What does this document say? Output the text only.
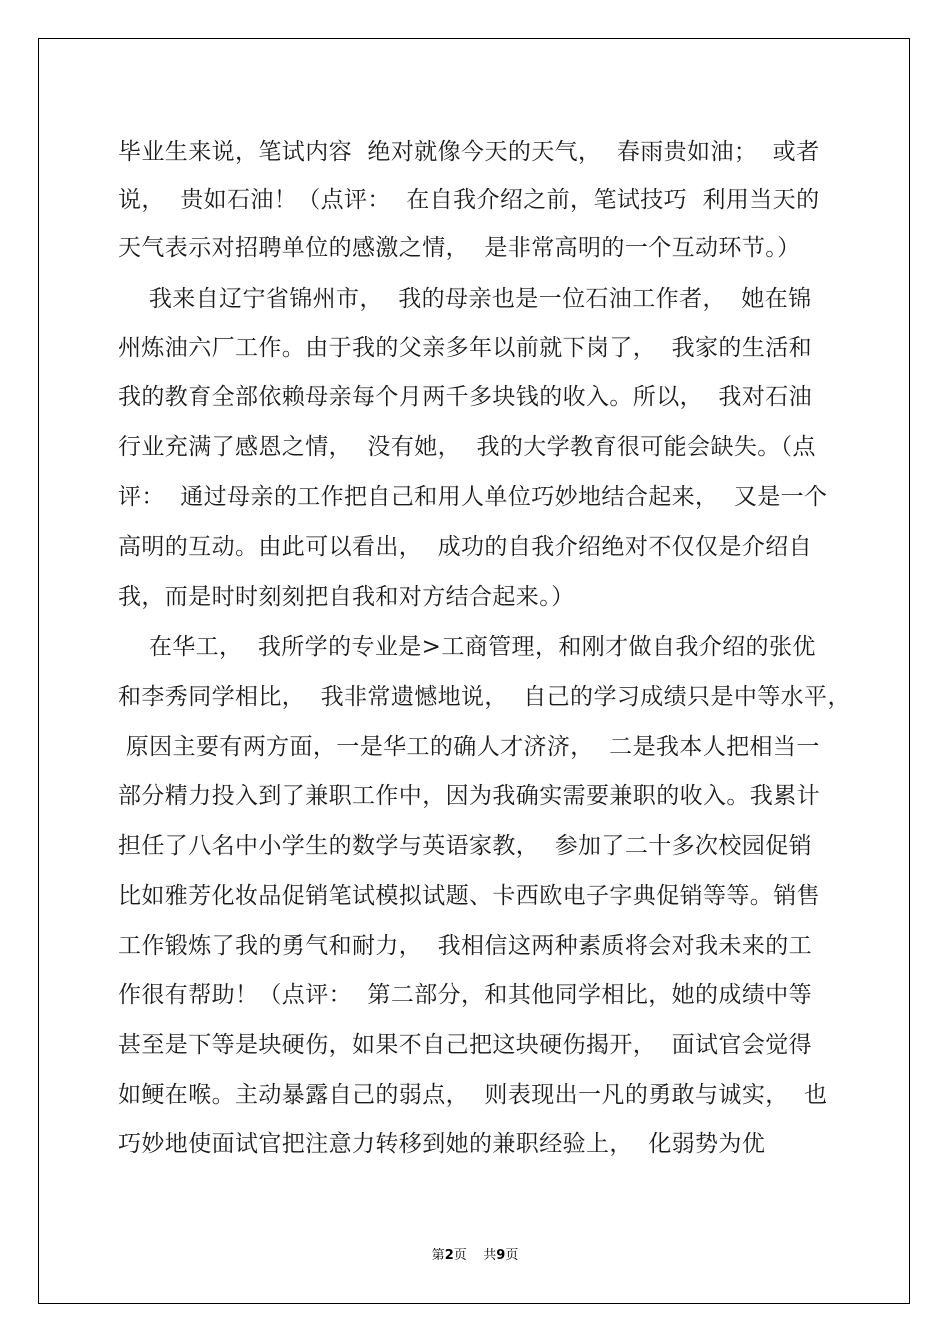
毕业生来说，笔试内容  绝对就像今天的天气，  春雨贵如油；  或者
说，  贵如石油！（点评：  在自我介绍之前，笔试技巧  利用当天的
天气表示对招聘单位的感激之情，  是非常高明的一个互动环节。）
我来自辽宁省锦州市，  我的母亲也是一位石油工作者，  她在锦
州炼油六厂工作。由于我的父亲多年以前就下岗了，  我家的生活和
我的教育全部依赖母亲每个月两千多块钱的收入。所以，  我对石油
行业充满了感恩之情，  没有她，  我的大学教育很可能会缺失。（点
评：  通过母亲的工作把自己和用人单位巧妙地结合起来，  又是一个
高明的互动。由此可以看出，  成功的自我介绍绝对不仅仅是介绍自
我，而是时时刻刻把自我和对方结合起来。）
在华工，  我所学的专业是>工商管理，和刚才做自我介绍的张优
和李秀同学相比，  我非常遗憾地说，  自己的学习成绩只是中等水平，
原因主要有两方面，一是华工的确人才济济，  二是我本人把相当一
部分精力投入到了兼职工作中，因为我确实需要兼职的收入。我累计
担任了八名中小学生的数学与英语家教，  参加了二十多次校园促销
比如雅芳化妆品促销笔试模拟试题、卡西欧电子字典促销等等。销售
工作锻炼了我的勇气和耐力，  我相信这两种素质将会对我未来的工
作很有帮助！（点评：  第二部分，和其他同学相比，她的成绩中等
甚至是下等是块硬伤，如果不自己把这块硬伤揭开，  面试官会觉得
如鲠在喉。主动暴露自己的弱点，  则表现出一凡的勇敢与诚实，  也
巧妙地使面试官把注意力转移到她的兼职经验上，  化弱势为优
第2页    共9页
